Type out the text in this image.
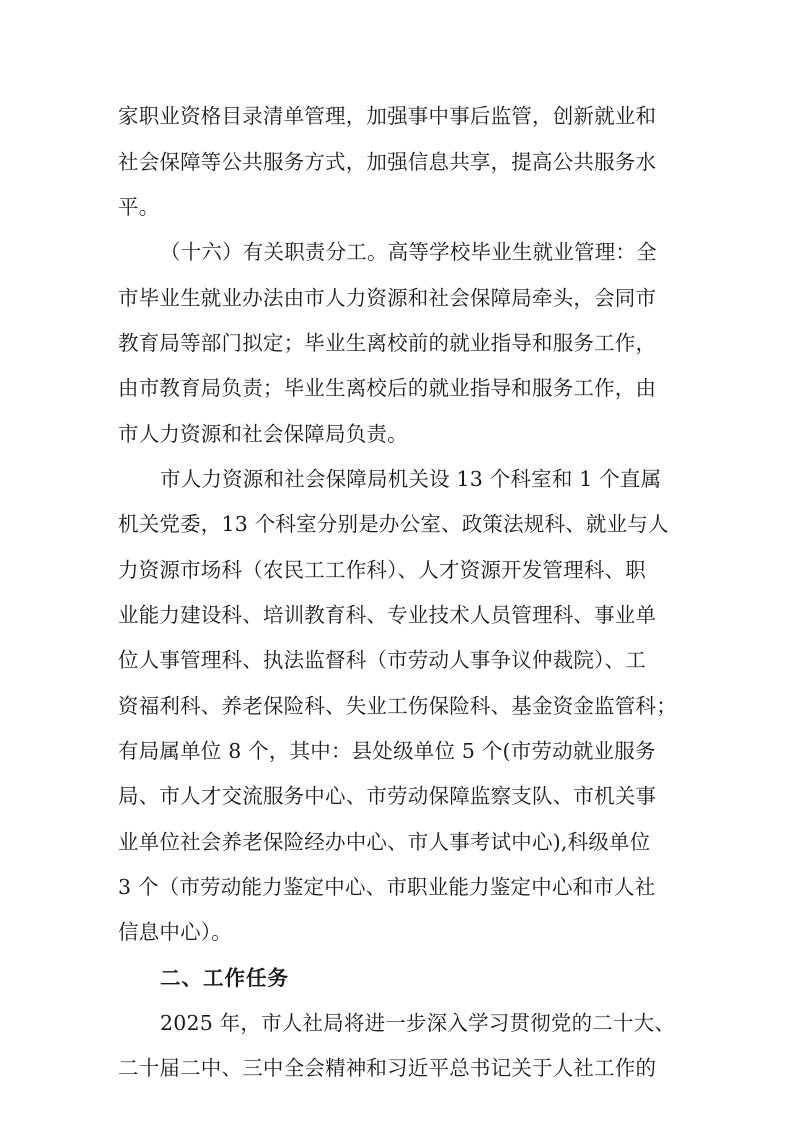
家职业资格目录清单管理，加强事中事后监管，创新就业和
社会保障等公共服务方式，加强信息共享，提高公共服务水
平。
（十六）有关职责分工。高等学校毕业生就业管理：全
市毕业生就业办法由市人力资源和社会保障局牵头，会同市
教育局等部门拟定；毕业生离校前的就业指导和服务工作，
由市教育局负责；毕业生离校后的就业指导和服务工作，由
市人力资源和社会保障局负责。
市人力资源和社会保障局机关设 13 个科室和 1 个直属
机关党委，13 个科室分别是办公室、政策法规科、就业与人
力资源市场科（农民工工作科）、人才资源开发管理科、职
业能力建设科、培训教育科、专业技术人员管理科、事业单
位人事管理科、执法监督科（市劳动人事争议仲裁院）、工
资福利科、养老保险科、失业工伤保险科、基金资金监管科；
有局属单位 8 个，其中：县处级单位 5 个(市劳动就业服务
局、市人才交流服务中心、市劳动保障监察支队、市机关事
业单位社会养老保险经办中心、市人事考试中心),科级单位
3 个（市劳动能力鉴定中心、市职业能力鉴定中心和市人社
信息中心）。
二、工作任务
2025 年，市人社局将进一步深入学习贯彻党的二十大、
二十届二中、三中全会精神和习近平总书记关于人社工作的
